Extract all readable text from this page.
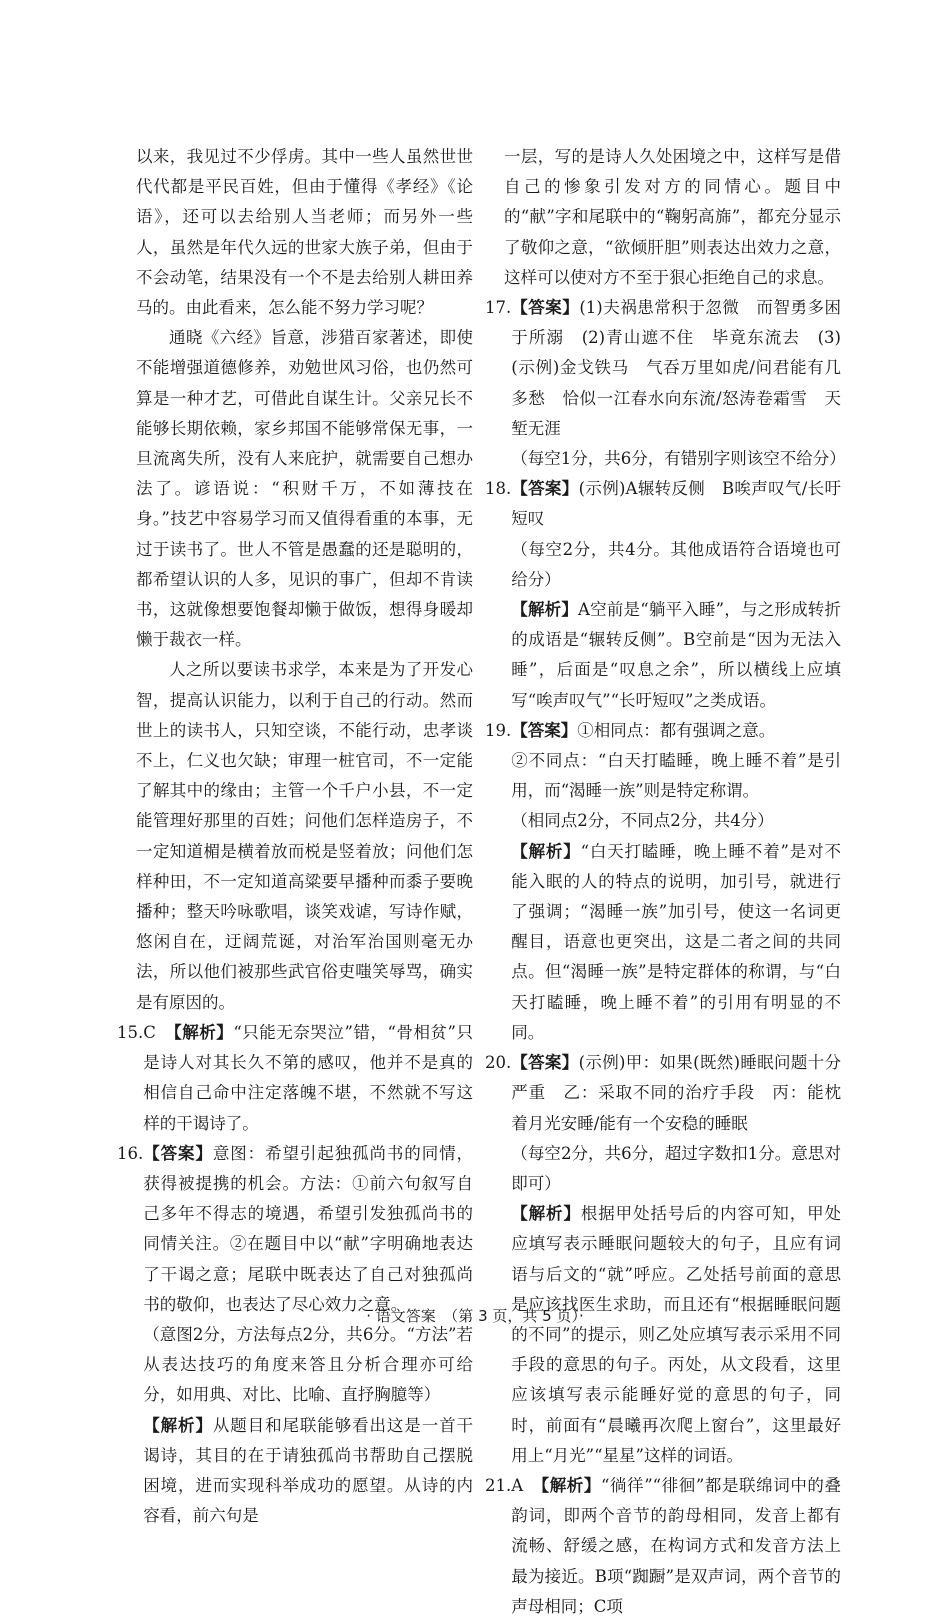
以来，我见过不少俘虏。其中一些人虽然世世代代都是平民百姓，但由于懂得《孝经》《论语》，还可以去给别人当老师；而另外一些人，虽然是年代久远的世家大族子弟，但由于不会动笔，结果没有一个不是去给别人耕田养马的。由此看来，怎么能不努力学习呢？

通晓《六经》旨意，涉猎百家著述，即使不能增强道德修养，劝勉世风习俗，也仍然可算是一种才艺，可借此自谋生计。父亲兄长不能够长期依赖，家乡邦国不能够常保无事，一旦流离失所，没有人来庇护，就需要自己想办法了。谚语说：“积财千万，不如薄技在身。”技艺中容易学习而又值得看重的本事，无过于读书了。世人不管是愚蠢的还是聪明的，都希望认识的人多，见识的事广，但却不肯读书，这就像想要饱餐却懒于做饭，想得身暖却懒于裁衣一样。

人之所以要读书求学，本来是为了开发心智，提高认识能力，以利于自己的行动。然而世上的读书人，只知空谈，不能行动，忠孝谈不上，仁义也欠缺；审理一桩官司，不一定能了解其中的缘由；主管一个千户小县，不一定能管理好那里的百姓；问他们怎样造房子，不一定知道楣是横着放而棁是竖着放；问他们怎样种田，不一定知道高粱要早播种而黍子要晚播种；整天吟咏歌唱，谈笑戏谑，写诗作赋，悠闲自在，迂阔荒诞，对治军治国则毫无办法，所以他们被那些武官俗吏嗤笑辱骂，确实是有原因的。

15. C　 【解析】“只能无奈哭泣”错，“骨相贫”只是诗人对其长久不第的感叹，他并不是真的相信自己命中注定落魄不堪，不然就不写这样的干谒诗了。
16. 【答案】意图：希望引起独孤尚书的同情，获得被提携的机会。方法：①前六句叙写自己多年不得志的境遇，希望引发独孤尚书的同情关注。②在题目中以“献”字明确地表达了干谒之意；尾联中既表达了自己对独孤尚书的敬仰，也表达了尽心效力之意。

（意图2分，方法每点2分，共6分。“方法”若从表达技巧的角度来答且分析合理亦可给分，如用典、对比、比喻、直抒胸臆等）

【解析】从题目和尾联能够看出这是一首干谒诗，其目的在于请独孤尚书帮助自己摆脱困境，进而实现科举成功的愿望。从诗的内容看，前六句是

一层，写的是诗人久处困境之中，这样写是借自己的惨象引发对方的同情心。题目中的“献”字和尾联中的“鞠躬高旆”，都充分显示了敬仰之意，“欲倾肝胆”则表达出效力之意，这样可以使对方不至于狠心拒绝自己的求息。

17. 【答案】(1)夫祸患常积于忽微　而智勇多困于所溺　(2)青山遮不住　毕竟东流去　(3)(示例)金戈铁马　气吞万里如虎/问君能有几多愁　恰似一江春水向东流/怒涛卷霜雪　天堑无涯

（每空1分，共6分，有错别字则该空不给分）

18. 【答案】(示例)A辗转反侧　B唉声叹气/长吁短叹

（每空2分，共4分。其他成语符合语境也可给分）

【解析】A空前是“躺平入睡”，与之形成转折的成语是“辗转反侧”。B空前是“因为无法入睡”，后面是“叹息之余”，所以横线上应填写“唉声叹气”“长吁短叹”之类成语。

19. 【答案】①相同点：都有强调之意。

②不同点：“白天打瞌睡，晚上睡不着”是引用，而“渴睡一族”则是特定称谓。

（相同点2分，不同点2分，共4分）

【解析】“白天打瞌睡，晚上睡不着”是对不能入眠的人的特点的说明，加引号，就进行了强调；“渴睡一族”加引号，使这一名词更醒目，语意也更突出，这是二者之间的共同点。但“渴睡一族”是特定群体的称谓，与“白天打瞌睡，晚上睡不着”的引用有明显的不同。

20. 【答案】(示例)甲：如果(既然)睡眠问题十分严重　乙：采取不同的治疗手段　丙：能枕着月光安睡/能有一个安稳的睡眠

（每空2分，共6分，超过字数扣1分。意思对即可）

【解析】根据甲处括号后的内容可知，甲处应填写表示睡眠问题较大的句子，且应有词语与后文的“就”呼应。乙处括号前面的意思是应该找医生求助，而且还有“根据睡眠问题的不同”的提示，则乙处应填写表示采用不同手段的意思的句子。丙处，从文段看，这里应该填写表示能睡好觉的意思的句子，同时，前面有“晨曦再次爬上窗台”，这里最好用上“月光”“星星”这样的词语。

21. A　 【解析】“徜徉”“徘徊”都是联绵词中的叠韵词，即两个音节的韵母相同，发音上都有流畅、舒缓之感，在构词方式和发音方法上最为接近。B项“踟蹰”是双声词，两个音节的声母相同；C项
· 语文答案　（第 3 页，共 5 页）·
